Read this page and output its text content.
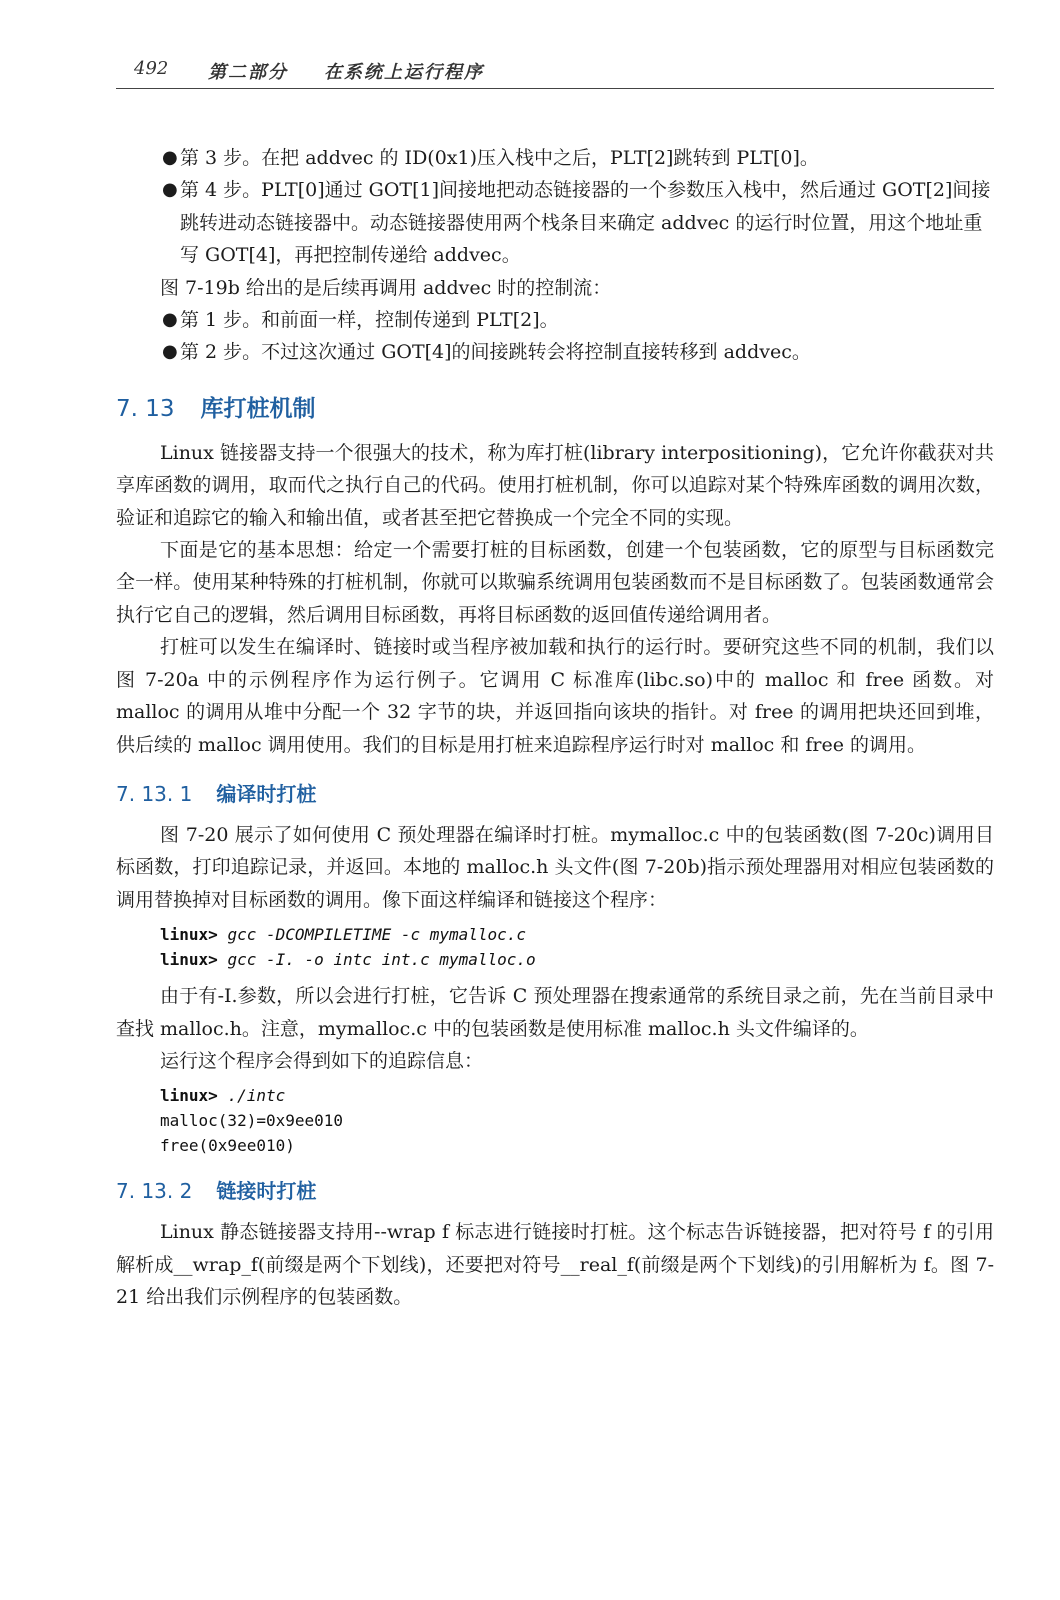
492 第二部分 在系统上运行程序

● 第 3 步。在把 addvec 的 ID(0x1)压入栈中之后，PLT[2]跳转到 PLT[0]。

● 第 4 步。PLT[0]通过 GOT[1]间接地把动态链接器的一个参数压入栈中，然后通过 GOT[2]间接跳转进动态链接器中。动态链接器使用两个栈条目来确定 addvec 的运行时位置，用这个地址重写 GOT[4]，再把控制传递给 addvec。

图 7-19b 给出的是后续再调用 addvec 时的控制流：

● 第 1 步。和前面一样，控制传递到 PLT[2]。

● 第 2 步。不过这次通过 GOT[4]的间接跳转会将控制直接转移到 addvec。

7. 13 库打桩机制

Linux 链接器支持一个很强大的技术，称为库打桩(library interpositioning)，它允许你截获对共享库函数的调用，取而代之执行自己的代码。使用打桩机制，你可以追踪对某个特殊库函数的调用次数，验证和追踪它的输入和输出值，或者甚至把它替换成一个完全不同的实现。

下面是它的基本思想：给定一个需要打桩的目标函数，创建一个包装函数，它的原型与目标函数完全一样。使用某种特殊的打桩机制，你就可以欺骗系统调用包装函数而不是目标函数了。包装函数通常会执行它自己的逻辑，然后调用目标函数，再将目标函数的返回值传递给调用者。

打桩可以发生在编译时、链接时或当程序被加载和执行的运行时。要研究这些不同的机制，我们以图 7-20a 中的示例程序作为运行例子。它调用 C 标准库(libc.so)中的 malloc 和 free 函数。对 malloc 的调用从堆中分配一个 32 字节的块，并返回指向该块的指针。对 free 的调用把块还回到堆，供后续的 malloc 调用使用。我们的目标是用打桩来追踪程序运行时对 malloc 和 free 的调用。

7. 13. 1 编译时打桩

图 7-20 展示了如何使用 C 预处理器在编译时打桩。mymalloc.c 中的包装函数(图 7-20c)调用目标函数，打印追踪记录，并返回。本地的 malloc.h 头文件(图 7-20b)指示预处理器用对相应包装函数的调用替换掉对目标函数的调用。像下面这样编译和链接这个程序：

linux> gcc -DCOMPILETIME -c mymalloc.c
linux> gcc -I. -o intc int.c mymalloc.o

由于有-I.参数，所以会进行打桩，它告诉 C 预处理器在搜索通常的系统目录之前，先在当前目录中查找 malloc.h。注意，mymalloc.c 中的包装函数是使用标准 malloc.h 头文件编译的。

运行这个程序会得到如下的追踪信息：

linux> ./intc
malloc(32)=0x9ee010
free(0x9ee010)
7. 13. 2 链接时打桩

Linux 静态链接器支持用--wrap f 标志进行链接时打桩。这个标志告诉链接器，把对符号 f 的引用解析成__wrap_f(前缀是两个下划线)，还要把对符号__real_f(前缀是两个下划线)的引用解析为 f。图 7-21 给出我们示例程序的包装函数。
